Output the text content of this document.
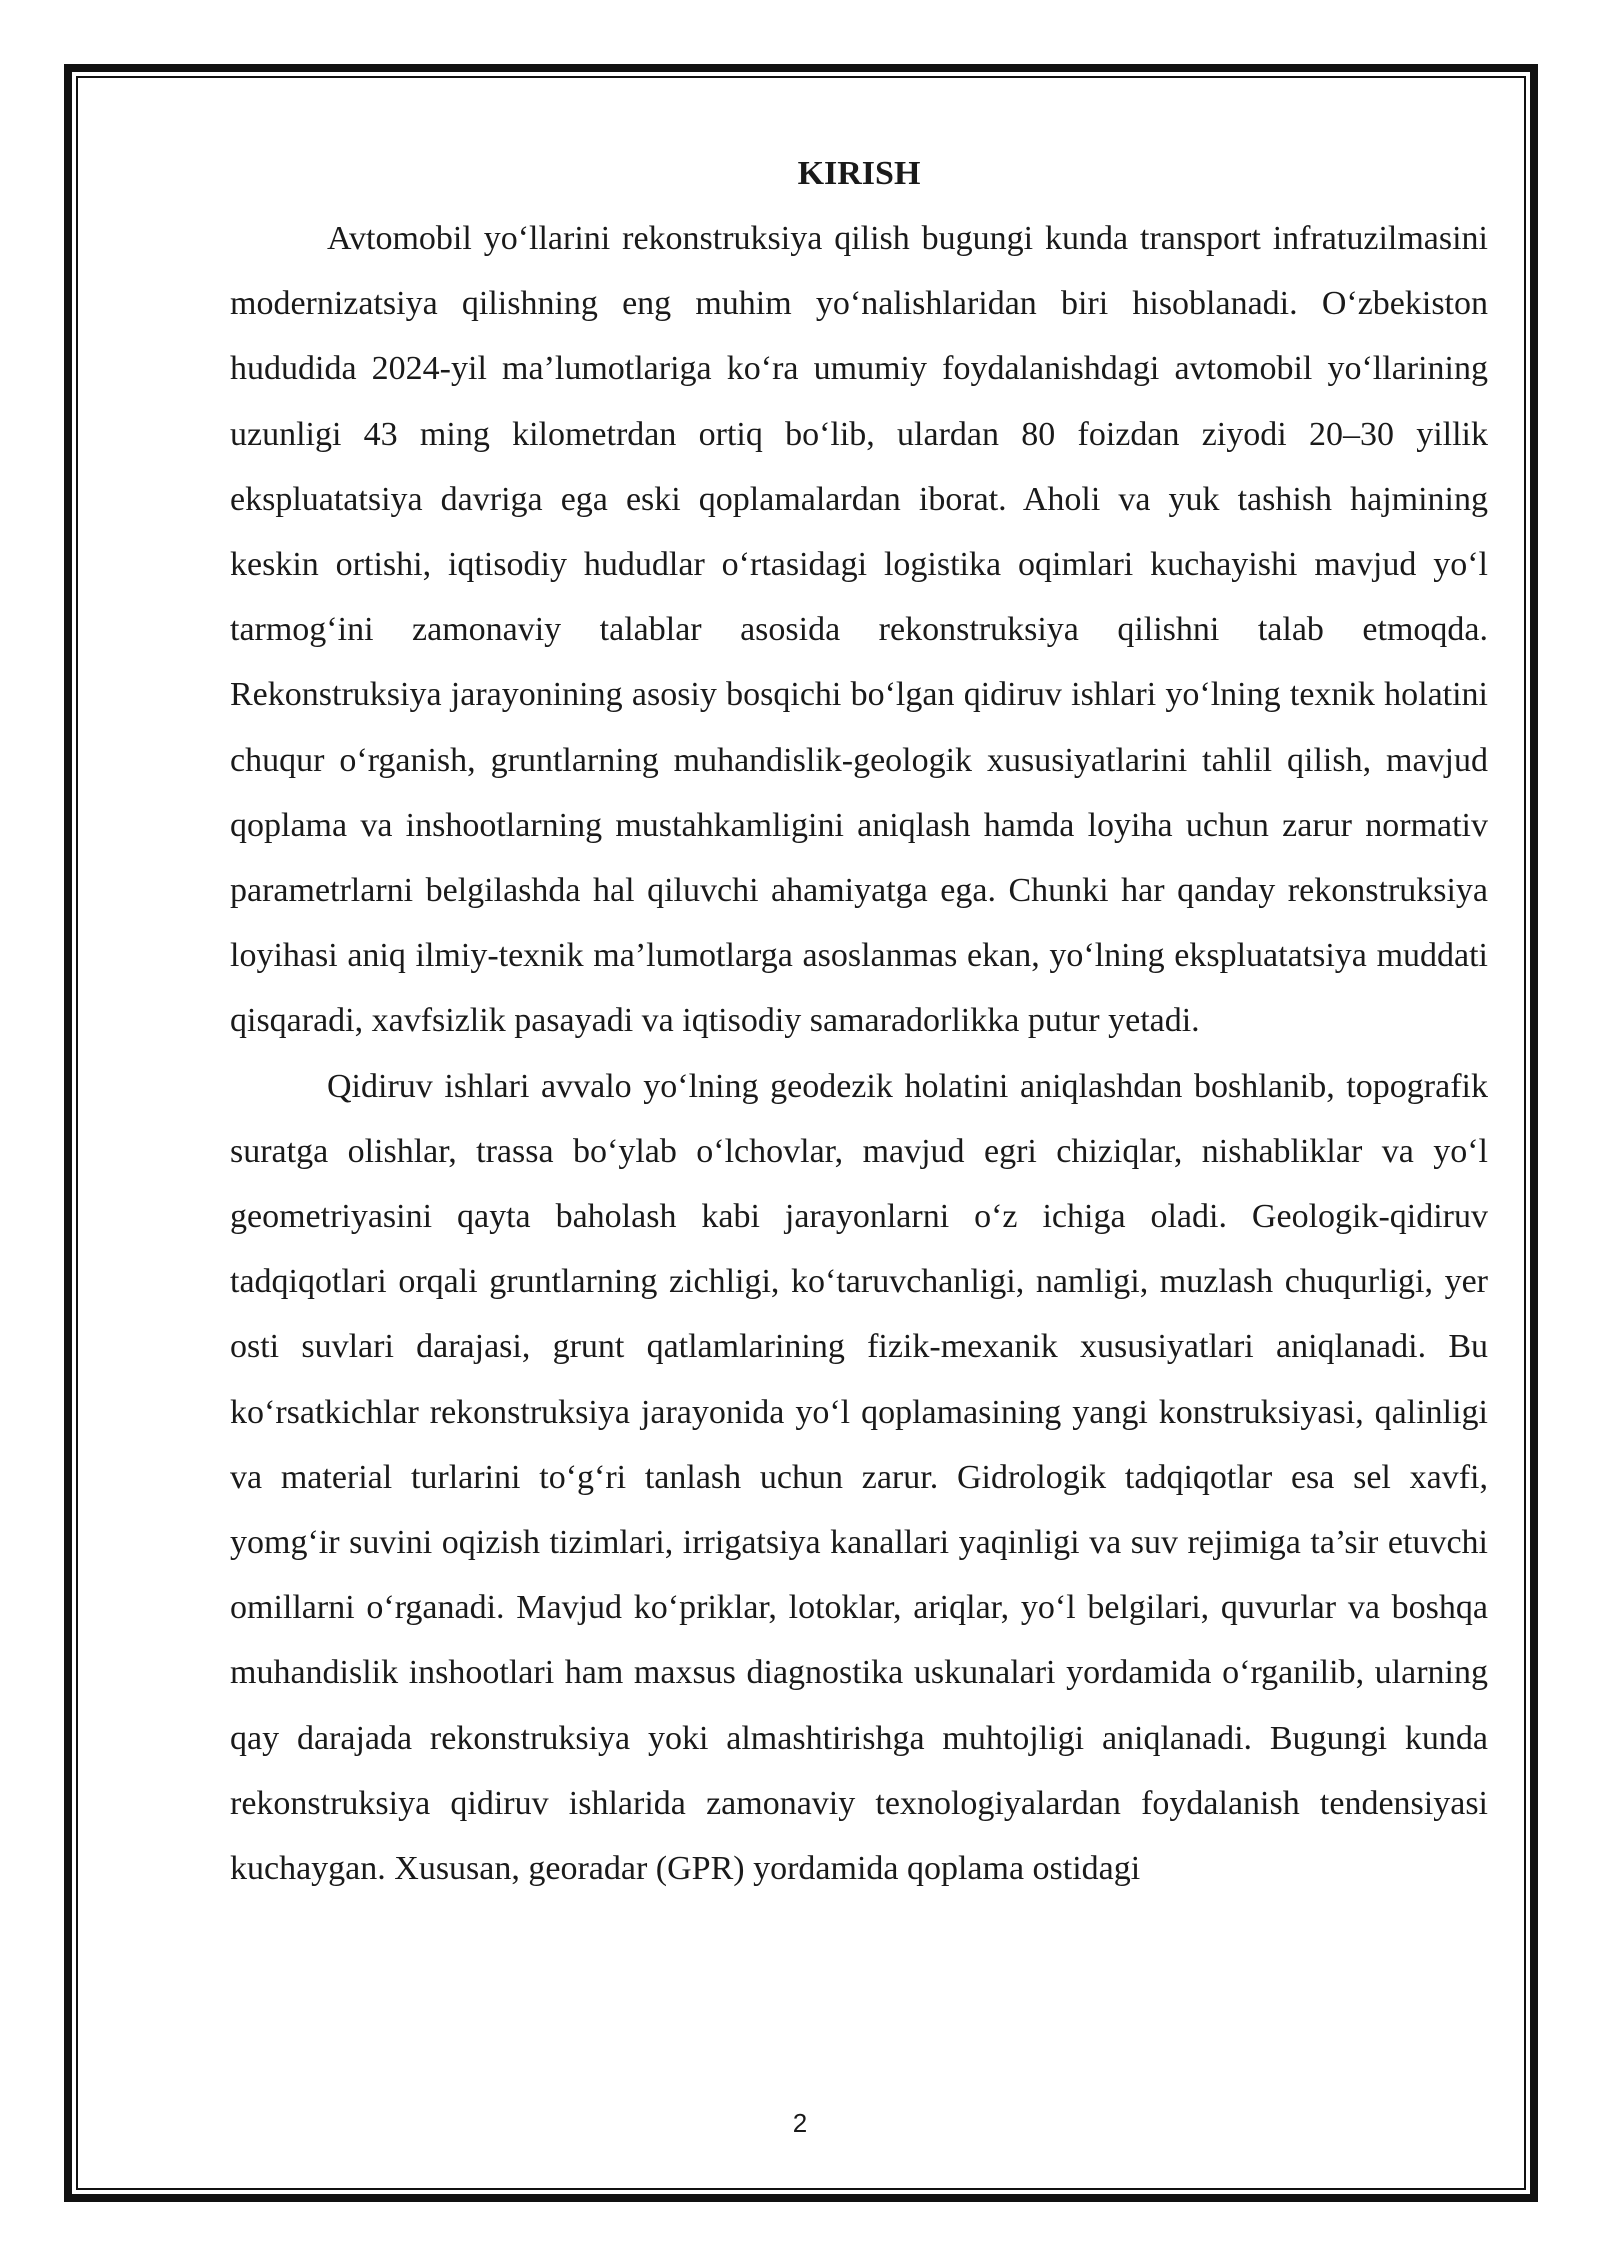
KIRISH

Avtomobil yo‘llarini rekonstruksiya qilish bugungi kunda transport infratuzilmasini modernizatsiya qilishning eng muhim yo‘nalishlaridan biri hisoblanadi. O‘zbekiston hududida 2024-yil ma’lumotlariga ko‘ra umumiy foydalanishdagi avtomobil yo‘llarining uzunligi 43 ming kilometrdan ortiq bo‘lib, ulardan 80 foizdan ziyodi 20–30 yillik ekspluatatsiya davriga ega eski qoplamalardan iborat. Aholi va yuk tashish hajmining keskin ortishi, iqtisodiy hududlar o‘rtasidagi logistika oqimlari kuchayishi mavjud yo‘l tarmog‘ini zamonaviy talablar asosida rekonstruksiya qilishni talab etmoqda. Rekonstruksiya jarayonining asosiy bosqichi bo‘lgan qidiruv ishlari yo‘lning texnik holatini chuqur o‘rganish, gruntlarning muhandislik-geologik xususiyatlarini tahlil qilish, mavjud qoplama va inshootlarning mustahkamligini aniqlash hamda loyiha uchun zarur normativ parametrlarni belgilashda hal qiluvchi ahamiyatga ega. Chunki har qanday rekonstruksiya loyihasi aniq ilmiy-texnik ma’lumotlarga asoslanmas ekan, yo‘lning ekspluatatsiya muddati qisqaradi, xavfsizlik pasayadi va iqtisodiy samaradorlikka putur yetadi.

Qidiruv ishlari avvalo yo‘lning geodezik holatini aniqlashdan boshlanib, topografik suratga olishlar, trassa bo‘ylab o‘lchovlar, mavjud egri chiziqlar, nishabliklar va yo‘l geometriyasini qayta baholash kabi jarayonlarni o‘z ichiga oladi. Geologik-qidiruv tadqiqotlari orqali gruntlarning zichligi, ko‘taruvchanligi, namligi, muzlash chuqurligi, yer osti suvlari darajasi, grunt qatlamlarining fizik-mexanik xususiyatlari aniqlanadi. Bu ko‘rsatkichlar rekonstruksiya jarayonida yo‘l qoplamasining yangi konstruksiyasi, qalinligi va material turlarini to‘g‘ri tanlash uchun zarur. Gidrologik tadqiqotlar esa sel xavfi, yomg‘ir suvini oqizish tizimlari, irrigatsiya kanallari yaqinligi va suv rejimiga ta’sir etuvchi omillarni o‘rganadi. Mavjud ko‘priklar, lotoklar, ariqlar, yo‘l belgilari, quvurlar va boshqa muhandislik inshootlari ham maxsus diagnostika uskunalari yordamida o‘rganilib, ularning qay darajada rekonstruksiya yoki almashtirishga muhtojligi aniqlanadi. Bugungi kunda rekonstruksiya qidiruv ishlarida zamonaviy texnologiyalardan foydalanish tendensiyasi kuchaygan. Xususan, georadar (GPR) yordamida qoplama ostidagi

2
